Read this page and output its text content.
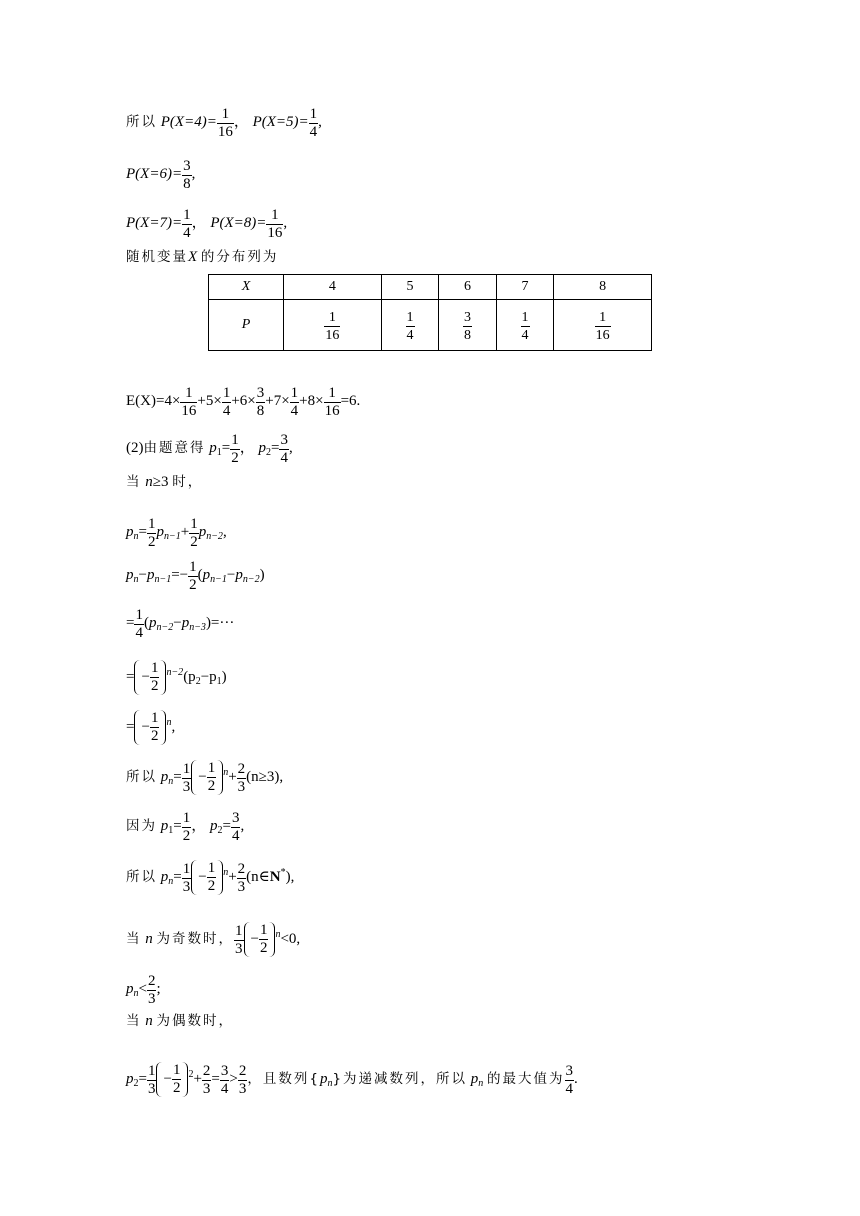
所以 $P(X=4)= \frac{1}{16}$ ， $P(X=5)= \frac{1}{4}$ ,
$P(X=6)= \frac{3}{8}$ ,
$P(X=7)= \frac{1}{4}$ ， $P(X=8)= \frac{1}{16}$ ,
随机变量X 的分布列为
X	4	5	6	7	8
P	$\frac{1}{16}$	$\frac{1}{4}$	$\frac{3}{8}$	$\frac{1}{4}$	$\frac{1}{16}$
$E(X)=4\times \frac{1}{16} +5\times \frac{1}{4} +6\times \frac{3}{8} +7\times \frac{1}{4} +8\times \frac{1}{16} =6$.
(2)由题意得 $p_1= \frac{1}{2}$ ， $p_2= \frac{3}{4}$ ,
当 n≥3 时，
$p_n= \frac{1}{2} p_{n-1}+ \frac{1}{2} p_{n-2}$,
$p_n-p_{n-1}=- \frac{1}{2} (p_{n-1}-p_{n-2})$
= $\frac{1}{4} (p_{n-2}-p_{n-3})=\cdot\cdot\cdot$
= − $\frac{1}{2} ^{n-2}(p_2-p_1)$
= − $\frac{1}{2} ^n$,
所以 $p_n= \frac{1}{3} - \frac{1}{2} ^n+ \frac{2}{3} (n\ge 3)$,
因为 $p_1= \frac{1}{2}$ ， $p_2= \frac{3}{4}$ ,
所以 $p_n= \frac{1}{3} - \frac{1}{2} ^n+ \frac{2}{3}$ (n∈N*),
当 n 为奇数时， $\frac{1}{3} - \frac{1}{2} ^n<0$,
$p_n< \frac{2}{3}$ ;
当 n 为偶数时，
$p_2= \frac{1}{3} - \frac{1}{2} ^2+ \frac{2}{3} = \frac{3}{4} > \frac{2}{3}$ ，且数列$\{p_n\}$为递减数列，所以 $p_n$ 的最大值为 $\frac{3}{4}$ .
